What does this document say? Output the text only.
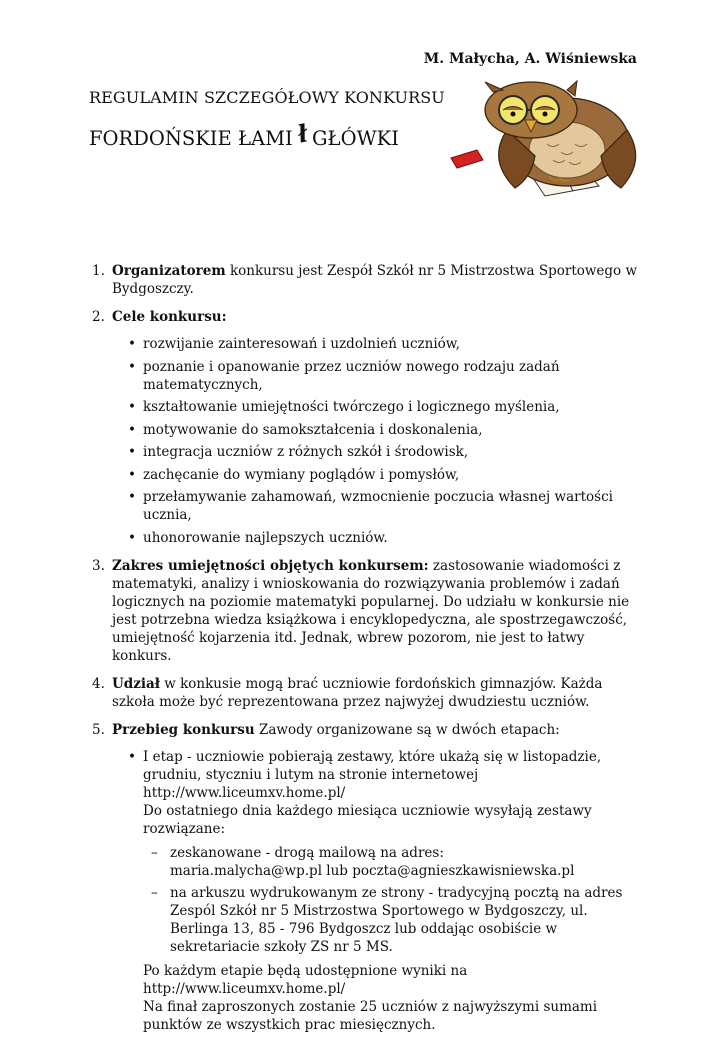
M. Małycha, A. Wiśniewska
REGULAMIN SZCZEGÓŁOWY KONKURSU
FORDOŃSKIE ŁAMIł GŁÓWKI
1. Organizatorem konkursu jest Zespół Szkół nr 5 Mistrzostwa Sportowego w Bydgoszczy.
2. Cele konkursu:
• rozwijanie zainteresowań i uzdolnień uczniów,
• poznanie i opanowanie przez uczniów nowego rodzaju zadań matematycznych,
• kształtowanie umiejętności twórczego i logicznego myślenia,
• motywowanie do samokształcenia i doskonalenia,
• integracja uczniów z różnych szkół i środowisk,
• zachęcanie do wymiany poglądów i pomysłów,
• przełamywanie zahamowań, wzmocnienie poczucia własnej wartości ucznia,
• uhonorowanie najlepszych uczniów.
3. Zakres umiejętności objętych konkursem: zastosowanie wiadomości z matematyki, analizy i wnioskowania do rozwiązywania problemów i zadań logicznych na poziomie matematyki popularnej. Do udziału w konkursie nie jest potrzebna wiedza książkowa i encyklopedyczna, ale spostrzegawczość, umiejętność kojarzenia itd. Jednak, wbrew pozorom, nie jest to łatwy konkurs.
4. Udział w konkusie mogą brać uczniowie fordońskich gimnazjów. Każda szkoła może być reprezentowana przez najwyżej dwudziestu uczniów.
5. Przebieg konkursu Zawody organizowane są w dwóch etapach:
• I etap - uczniowie pobierają zestawy, które ukażą się w listopadzie, grudniu, styczniu i lutym na stronie internetowej http://www.liceumxv.home.pl/
Do ostatniego dnia każdego miesiąca uczniowie wysyłają zestawy rozwiązane:
– zeskanowane - drogą mailową na adres:
maria.malycha@wp.pl lub poczta@agnieszkawisniewska.pl
– na arkuszu wydrukowanym ze strony - tradycyjną pocztą na adres Zespól Szkół nr 5 Mistrzostwa Sportowego w Bydgoszczy, ul. Berlinga 13, 85 - 796 Bydgoszcz lub oddając osobiście w sekretariacie szkoły ZS nr 5 MS.
Po każdym etapie będą udostępnione wyniki na http://www.liceumxv.home.pl/
Na finał zaproszonych zostanie 25 uczniów z najwyższymi sumami punktów ze wszystkich prac miesięcznych.
